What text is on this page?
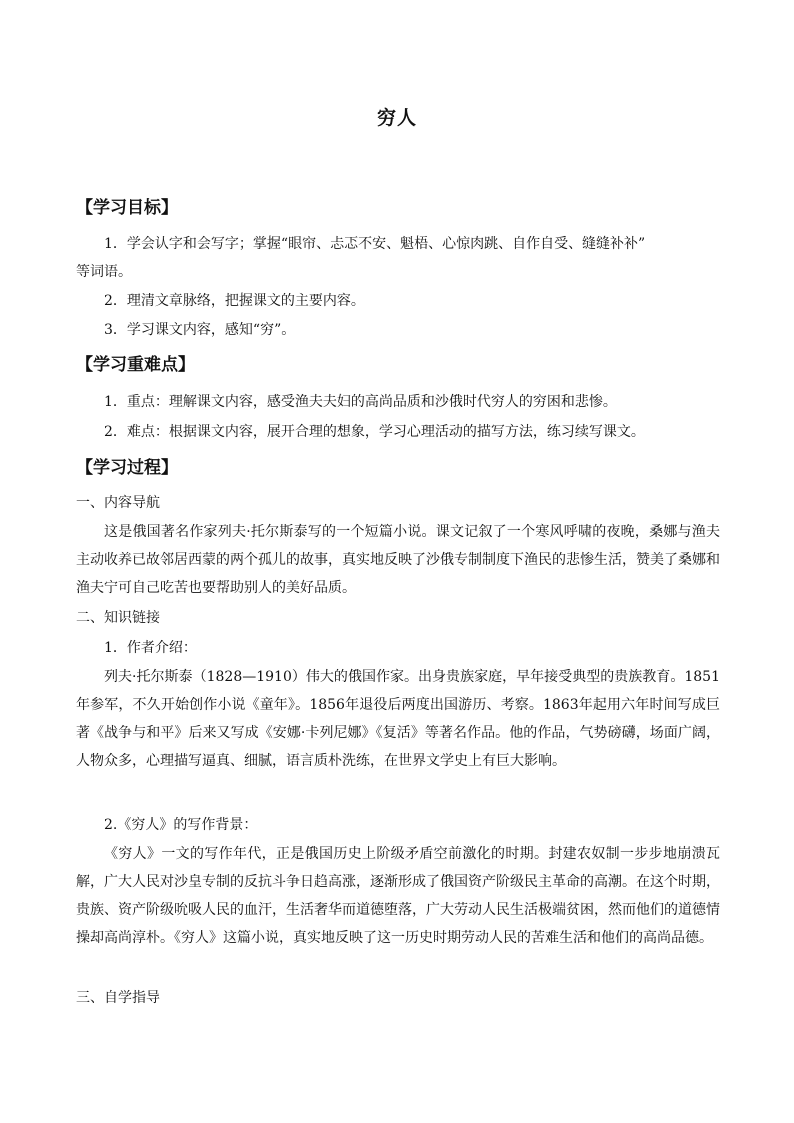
穷人
【学习目标】
1．学会认字和会写字；掌握“眼帘、忐忑不安、魁梧、心惊肉跳、自作自受、缝缝补补”
等词语。
2．理清文章脉络，把握课文的主要内容。
3．学习课文内容，感知“穷”。
【学习重难点】
1．重点：理解课文内容，感受渔夫夫妇的高尚品质和沙俄时代穷人的穷困和悲惨。
2．难点：根据课文内容，展开合理的想象，学习心理活动的描写方法，练习续写课文。
【学习过程】
一、内容导航
这是俄国著名作家列夫·托尔斯泰写的一个短篇小说。课文记叙了一个寒风呼啸的夜晚，桑娜与渔夫主动收养已故邻居西蒙的两个孤儿的故事，真实地反映了沙俄专制制度下渔民的悲惨生活，赞美了桑娜和渔夫宁可自己吃苦也要帮助别人的美好品质。
二、知识链接
1．作者介绍：
列夫·托尔斯泰（1828—1910）伟大的俄国作家。出身贵族家庭，早年接受典型的贵族教育。1851年参军，不久开始创作小说《童年》。1856年退役后两度出国游历、考察。1863年起用六年时间写成巨著《战争与和平》后来又写成《安娜·卡列尼娜》《复活》等著名作品。他的作品，气势磅礴，场面广阔，人物众多，心理描写逼真、细腻，语言质朴洗练，在世界文学史上有巨大影响。
2.《穷人》的写作背景：
《穷人》一文的写作年代，正是俄国历史上阶级矛盾空前激化的时期。封建农奴制一步步地崩溃瓦解，广大人民对沙皇专制的反抗斗争日趋高涨，逐渐形成了俄国资产阶级民主革命的高潮。在这个时期，贵族、资产阶级吮吸人民的血汗，生活奢华而道德堕落，广大劳动人民生活极端贫困，然而他们的道德情操却高尚淳朴。《穷人》这篇小说，真实地反映了这一历史时期劳动人民的苦难生活和他们的高尚品德。
三、自学指导
